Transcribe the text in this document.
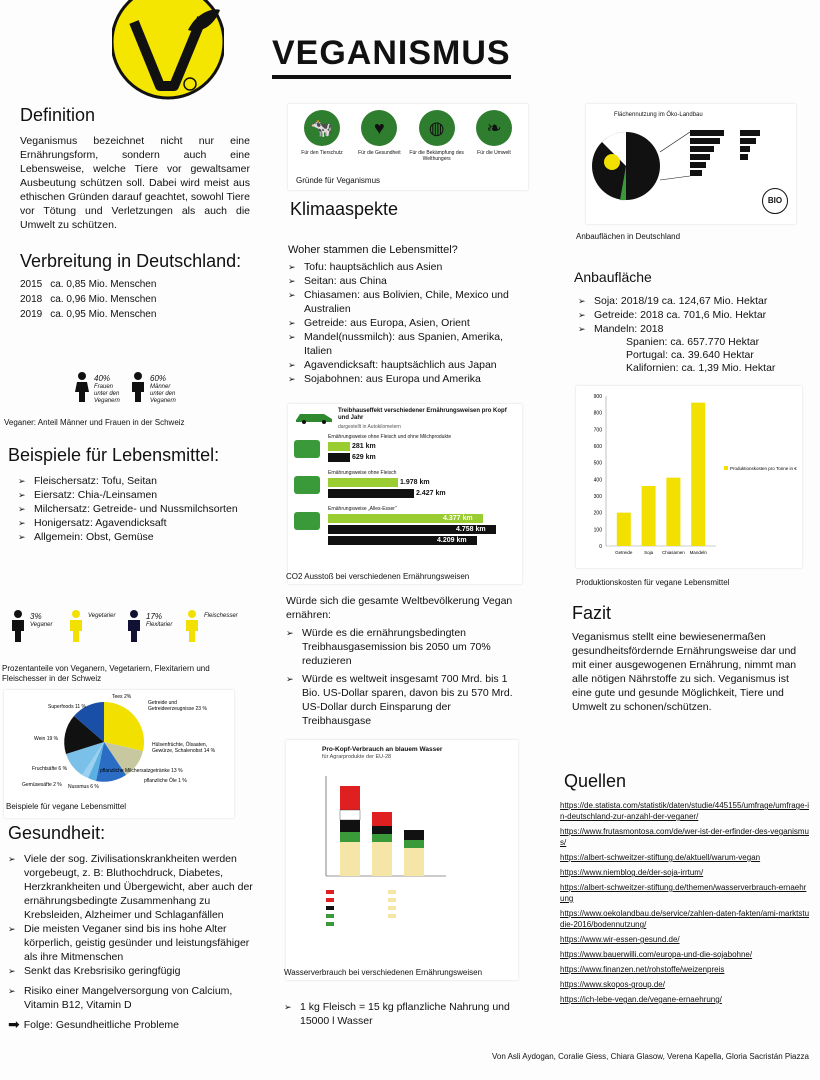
VEGANISMUS
Definition

Veganismus bezeichnet nicht nur eine Ernährungsform, sondern auch eine Lebensweise, welche Tiere vor gewaltsamer Ausbeutung schützen soll. Dabei wird meist aus ethischen Gründen darauf geachtet, sowohl Tiere vor Tötung und Verletzungen als auch die Umwelt zu schützen.

Verbreitung in Deutschland:
2015	ca. 0,85 Mio. Menschen
2018	ca. 0,96 Mio. Menschen
2019	ca. 0,95 Mio. Menschen
40%
Frauen unter den Veganern
60%
Männer unter den Veganern
Veganer: Anteil Männer und Frauen in der Schweiz
Beispiele für Lebensmittel:
➢ Fleischersatz: Tofu, Seitan
➢ Eiersatz: Chia-/Leinsamen
➢ Milchersatz: Getreide- und Nussmilchsorten
➢ Honigersatz: Agavendicksaft
➢ Allgemein: Obst, Gemüse
3%
Veganer
Vegetarier	17%
Flexitarier
Fleischesser
Prozentanteile von Veganern, Vegetariern, Flexitariern und Fleischesser in der Schweiz
Tees 2%
Getreide und
Getreideerzeugnisse 23 %
Hülsenfrüchte, Ölsaaten,
Gewürze, Schalenobst 14 %
pflanzliche Milchersatzgetränke 13 %
pflanzliche Öle 1 %
Nussmus 6 %
Gemüsesäfte 2 %
Fruchtsäfte 6 %
Wein 19 %
Superfoods 11 %
Beispiele für vegane Lebensmittel
Gesundheit:
➢ Viele der sog. Zivilisationskrankheiten werden vorgebeugt, z. B: Bluthochdruck, Diabetes, Herzkrankheiten und Übergewicht, aber auch der ernährungsbedingte Zusammenhang zu Krebsleiden, Alzheimer und Schlaganfällen
➢ Die meisten Veganer sind bis ins hohe Alter körperlich, geistig gesünder und leistungsfähiger als ihre Mitmenschen
➢ Senkt das Krebsrisiko geringfügig
➢ Risiko einer Mangelversorgung von Calcium, Vitamin B12, Vitamin D
➡ Folge: Gesundheitliche Probleme
🐄
Für den Tierschutz
♥
Für die Gesundheit
◍
Für die Bekämpfung des Welthungers
❧
Für die Umwelt
Gründe für Veganismus
Klimaaspekte
Woher stammen die Lebensmittel?
➢ Tofu: hauptsächlich aus Asien
➢ Seitan: aus China
➢ Chiasamen: aus Bolivien, Chile, Mexico und Australien
➢ Getreide: aus Europa, Asien, Orient
➢ Mandel(nussmilch): aus Spanien, Amerika, Italien
➢ Agavendicksaft: hauptsächlich aus Japan
➢ Sojabohnen: aus Europa und Amerika
Treibhauseffekt verschiedener Ernährungsweisen pro Kopf und Jahr
dargestellt in Autokilometern
Ernährungsweise ohne Fleisch und ohne Milchprodukte
281 km
629 km
Ernährungsweise ohne Fleisch
1.978 km
2.427 km
Ernährungsweise „Alles-Esser“
4.377 km
4.758 km
4.209 km
CO2 Ausstoß bei verschiedenen Ernährungsweisen
Würde sich die gesamte Weltbevölkerung Vegan ernähren:
➢ Würde es die ernährungsbedingten Treibhausgasemission bis 2050 um 70% reduzieren
➢ Würde es weltweit insgesamt 700 Mrd. bis 1 Bio. US-Dollar sparen, davon bis zu 570 Mrd. US-Dollar durch Einsparung der Treibhausgase
Pro-Kopf-Verbrauch an blauem Wasser
für Agrarprodukte der EU-28
Wasserverbrauch bei verschiedenen Ernährungsweisen
➢ 1 kg Fleisch = 15 kg pflanzliche Nahrung und 15000 l Wasser
Flächennutzung im Öko-Landbau
BIO
Anbauflächen in Deutschland
Anbaufläche
➢ Soja: 2018/19 ca. 124,67 Mio. Hektar
➢ Getreide: 2018 ca. 701,6 Mio. Hektar
➢ Mandeln: 2018
Spanien: ca. 657.770 Hektar
Portugal: ca. 39.640 Hektar
Kalifornien: ca. 1,39 Mio. Hektar
0
100
200
300
400
500
600
700
800
900
Getreide	Soja Chiasamen Mandeln
Produktionskosten pro Tonne in €
Produktionskosten für vegane Lebensmittel
Fazit

Veganismus stellt eine bewiesenermaßen gesundheitsfördernde Ernährungsweise dar und mit einer ausgewogenen Ernährung, nimmt man alle nötigen Nährstoffe zu sich. Veganismus ist eine gute und gesunde Möglichkeit, Tiere und Umwelt zu schonen/schützen.

Quellen
https://de.statista.com/statistik/daten/studie/445155/umfrage/umfrage-in-deutschland-zur-anzahl-der-veganer/
https://www.frutasmontosa.com/de/wer-ist-der-erfinder-des-veganismus/
https://albert-schweitzer-stiftung.de/aktuell/warum-vegan
https://www.niemblog.de/der-soja-irrtum/
https://albert-schweitzer-stiftung.de/themen/wasserverbrauch-ernaehrung
https://www.oekolandbau.de/service/zahlen-daten-fakten/ami-marktstudie-2016/bodennutzung/
https://www.wir-essen-gesund.de/
https://www.bauerwilli.com/europa-und-die-sojabohne/
https://www.finanzen.net/rohstoffe/weizenpreis
https://www.skopos-group.de/
https://ich-lebe-vegan.de/vegane-ernaehrung/
Von Asli Aydogan, Coralie Giess, Chiara Glasow, Verena Kapella, Gloria Sacristán Piazza
